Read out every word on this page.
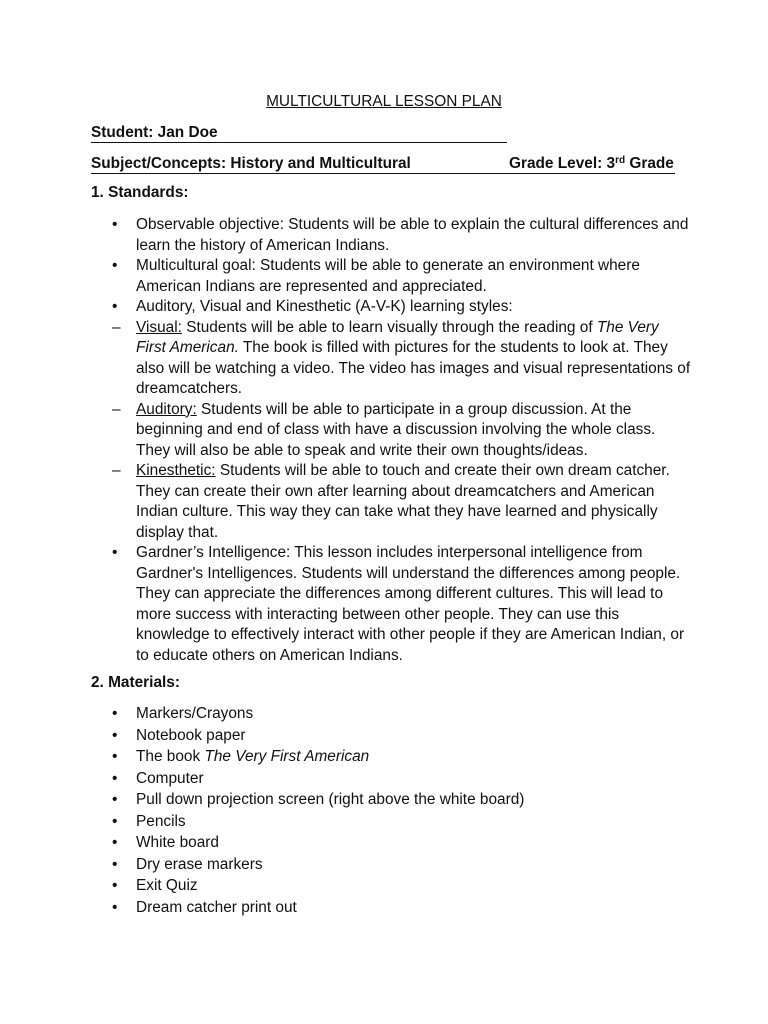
MULTICULTURAL LESSON PLAN
Student: Jan Doe
Subject/Concepts: History and Multicultural	Grade Level: 3rd Grade
1. Standards:
•
Observable objective: Students will be able to explain the cultural differences and learn the history of American Indians.
•
Multicultural goal: Students will be able to generate an environment where American Indians are represented and appreciated.
•
Auditory, Visual and Kinesthetic (A-V-K) learning styles:
–
Visual: Students will be able to learn visually through the reading of The Very First American. The book is filled with pictures for the students to look at. They also will be watching a video. The video has images and visual representations of dreamcatchers.
–
Auditory: Students will be able to participate in a group discussion. At the beginning and end of class with have a discussion involving the whole class. They will also be able to speak and write their own thoughts/ideas.
–
Kinesthetic: Students will be able to touch and create their own dream catcher. They can create their own after learning about dreamcatchers and American Indian culture. This way they can take what they have learned and physically display that.
•
Gardner’s Intelligence: This lesson includes interpersonal intelligence from Gardner's Intelligences. Students will understand the differences among people. They can appreciate the differences among different cultures. This will lead to more success with interacting between other people. They can use this knowledge to effectively interact with other people if they are American Indian, or to educate others on American Indians.
2. Materials:
•
Markers/Crayons
•
Notebook paper
•
The book The Very First American
•
Computer
•
Pull down projection screen (right above the white board)
•
Pencils
•
White board
•
Dry erase markers
•
Exit Quiz
•
Dream catcher print out
